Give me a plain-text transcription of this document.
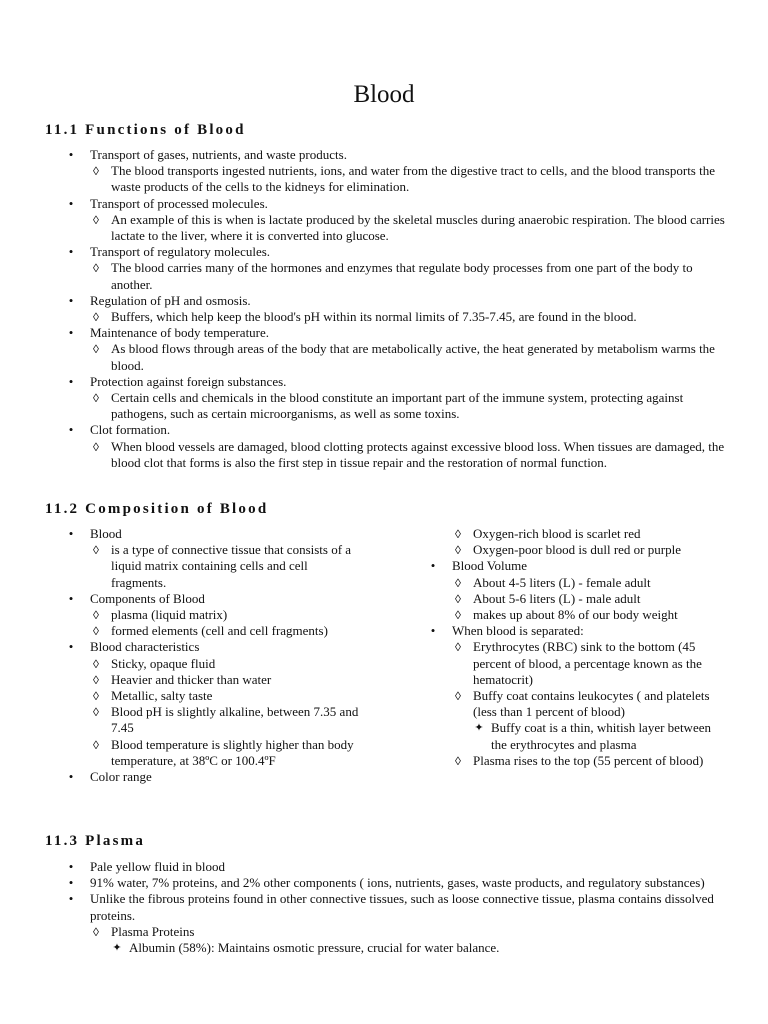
Blood
11.1 Functions of Blood
• Transport of gases, nutrients, and waste products.
◊ The blood transports ingested nutrients, ions, and water from the digestive tract to cells, and the blood transports the waste products of the cells to the kidneys for elimination.
• Transport of processed molecules.
◊ An example of this is when is lactate produced by the skeletal muscles during anaerobic respiration. The blood carries lactate to the liver, where it is converted into glucose.
• Transport of regulatory molecules.
◊ The blood carries many of the hormones and enzymes that regulate body processes from one part of the body to another.
• Regulation of pH and osmosis.
◊ Buffers, which help keep the blood's pH within its normal limits of 7.35-7.45, are found in the blood.
• Maintenance of body temperature.
◊ As blood flows through areas of the body that are metabolically active, the heat generated by metabolism warms the blood.
• Protection against foreign substances.
◊ Certain cells and chemicals in the blood constitute an important part of the immune system, protecting against pathogens, such as certain microorganisms, as well as some toxins.
• Clot formation.
◊ When blood vessels are damaged, blood clotting protects against excessive blood loss. When tissues are damaged, the blood clot that forms is also the first step in tissue repair and the restoration of normal function.
11.2 Composition of Blood
• Blood
◊ is a type of connective tissue that consists of a liquid matrix containing cells and cell fragments.
• Components of Blood
◊ plasma (liquid matrix)
◊ formed elements (cell and cell fragments)
• Blood characteristics
◊ Sticky, opaque fluid
◊ Heavier and thicker than water
◊ Metallic, salty taste
◊ Blood pH is slightly alkaline, between 7.35 and 7.45
◊ Blood temperature is slightly higher than body temperature, at 38ºC or 100.4ºF
• Color range
◊ Oxygen-rich blood is scarlet red
◊ Oxygen-poor blood is dull red or purple
• Blood Volume
◊ About 4-5 liters (L) - female adult
◊ About 5-6 liters (L) - male adult
◊ makes up about 8% of our body weight
• When blood is separated:
◊ Erythrocytes (RBC) sink to the bottom (45 percent of blood, a percentage known as the hematocrit)
◊ Buffy coat contains leukocytes ( and platelets (less than 1 percent of blood)
✦ Buffy coat is a thin, whitish layer between the erythrocytes and plasma
◊ Plasma rises to the top (55 percent of blood)
11.3 Plasma
• Pale yellow fluid in blood
• 91% water, 7% proteins, and 2% other components ( ions, nutrients, gases, waste products, and regulatory substances)
• Unlike the fibrous proteins found in other connective tissues, such as loose connective tissue, plasma contains dissolved proteins.
◊ Plasma Proteins
✦ Albumin (58%): Maintains osmotic pressure, crucial for water balance.
